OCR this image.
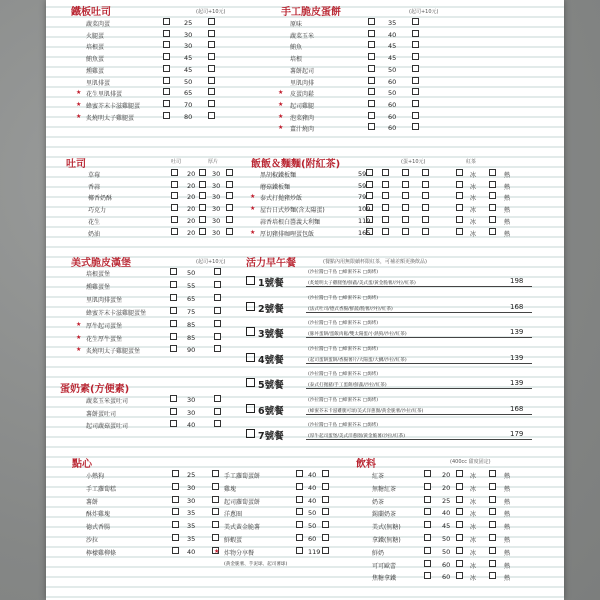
鐵板吐司	(起司+10元)
蔬菜肉蛋	25
火腿蛋	30
培根蛋	30
鮪魚蛋	45
燻雞蛋	45
里肌排蛋	50
★ 花生里肌排蛋	65
★ 蜂蜜芥末卡滋雞腿蛋	70
★ 炙燒明太子雞腿蛋	80
手工脆皮蛋餅	(起司+10元)
原味	35
蔬菜玉米	40
鮪魚	45
培根	45
薯餅起司	50
里肌肉排	60
★ 皮蛋肉鬆	50
★ 起司雞腿	60
★ 泡菜豬肉	60
★ 薑汁燒肉	60
吐司	吐司	厚片
草莓	20	30
香蒜	20	30
椰香奶酥	20	30
巧克力	20	30
花生	20	30
奶油	20	30
飯飯＆麵麵(附紅茶)	(蛋+10元)	紅茶
黑胡椒鐵板麵	59	冰	熱
蘑菇鐵板麵	59	冰	熱
★ 泰式打拋豬炒飯	79	冰	熱
★ 屋台日式炒麵(含太陽蛋)	109	冰	熱
蒜香培根白醬義大利麵	119	冰	熱
★ 厚切豬排咖哩蛋包飯	165	冰	熱
美式脆皮漢堡	(起司+10元)
培根蛋堡	50
燻雞蛋堡	55
里肌肉排蛋堡	65
蜂蜜芥末卡滋雞腿蛋堡	75
★ 厚牛起司蛋堡	85
★ 花生厚牛蛋堡	85
★ 炙燒明太子雞腿蛋堡	90
活力早午餐	(餐點內用無限續杯限紅茶，可補差額更換飲品)
1號餐
(沙拉醬□千島 □蜂蜜芥末 □焗烤)
(炙燒明太子雞腿堡/鮮蔬/美式蛋/黃金脆薯/沙拉/紅茶)	198
2號餐
(沙拉醬□千島 □蜂蜜芥末 □焗烤)
(法式吐司/德式香腸/鮮蔬/脆薯/沙拉/紅茶)	168
3號餐
(沙拉醬□千島 □蜂蜜芥末 □焗烤)
(豚丼蛋餅/蛋飯肉鬆/雙太陽蛋/小熱狗/沙拉/紅茶)	139
4號餐
(沙拉醬□千島 □蜂蜜芥末 □焗烤)
(起司蛋餅蛋餅/香腸薯片/大陽蛋/大鱒/沙拉/紅茶)	139
5號餐
(沙拉醬□千島 □蜂蜜芥末 □焗烤)
(泰式打拋豬/手工蛋餅/鮮蔬/沙拉/紅茶)	139
6號餐
(沙拉醬□千島 □蜂蜜芥末 □焗烤)
(蜂蜜芥末卡滋雞腿可頌/美式洋蔥圈/黃金脆薯/沙拉/紅茶)	168
7號餐
(沙拉醬□千島 □蜂蜜芥末 □焗烤)
(厚牛起司蛋堡/美式洋蔥圈/黃金脆薯/沙拉/紅茶)	179
蛋奶素(方便素)
蔬菜玉米蛋吐司	30
薯餅蛋吐司	30
起司蔬菇蛋吐司	40
點心
小熱狗	25
手工蘿蔔糕	30
薯餅	30
酥炸雞塊	35
德式香腸	35
沙拉	35
檸檬雞柳條	40
手工蘿蔔蛋餅	40
雞塊	40
起司蘿蔔蛋餅	40
洋蔥圈	50
美式黃金脆薯	50
鮮蝦蛋	60
★ 炸物分享餐	119
(黃金脆薯、芋泥球、起司薯球)
飲料	(400cc 甜度固定)
紅茶	20	冰	熱
無糖紅茶	20	冰	熱
奶茶	25	冰	熱
錫蘭奶茶	40	冰	熱
美式(無糖)	45	冰	熱
拿鐵(無糖)	50	冰	熱
鮮奶	50	冰	熱
可可歐蕾	60	冰	熱
焦糖拿鐵	60	冰	熱
